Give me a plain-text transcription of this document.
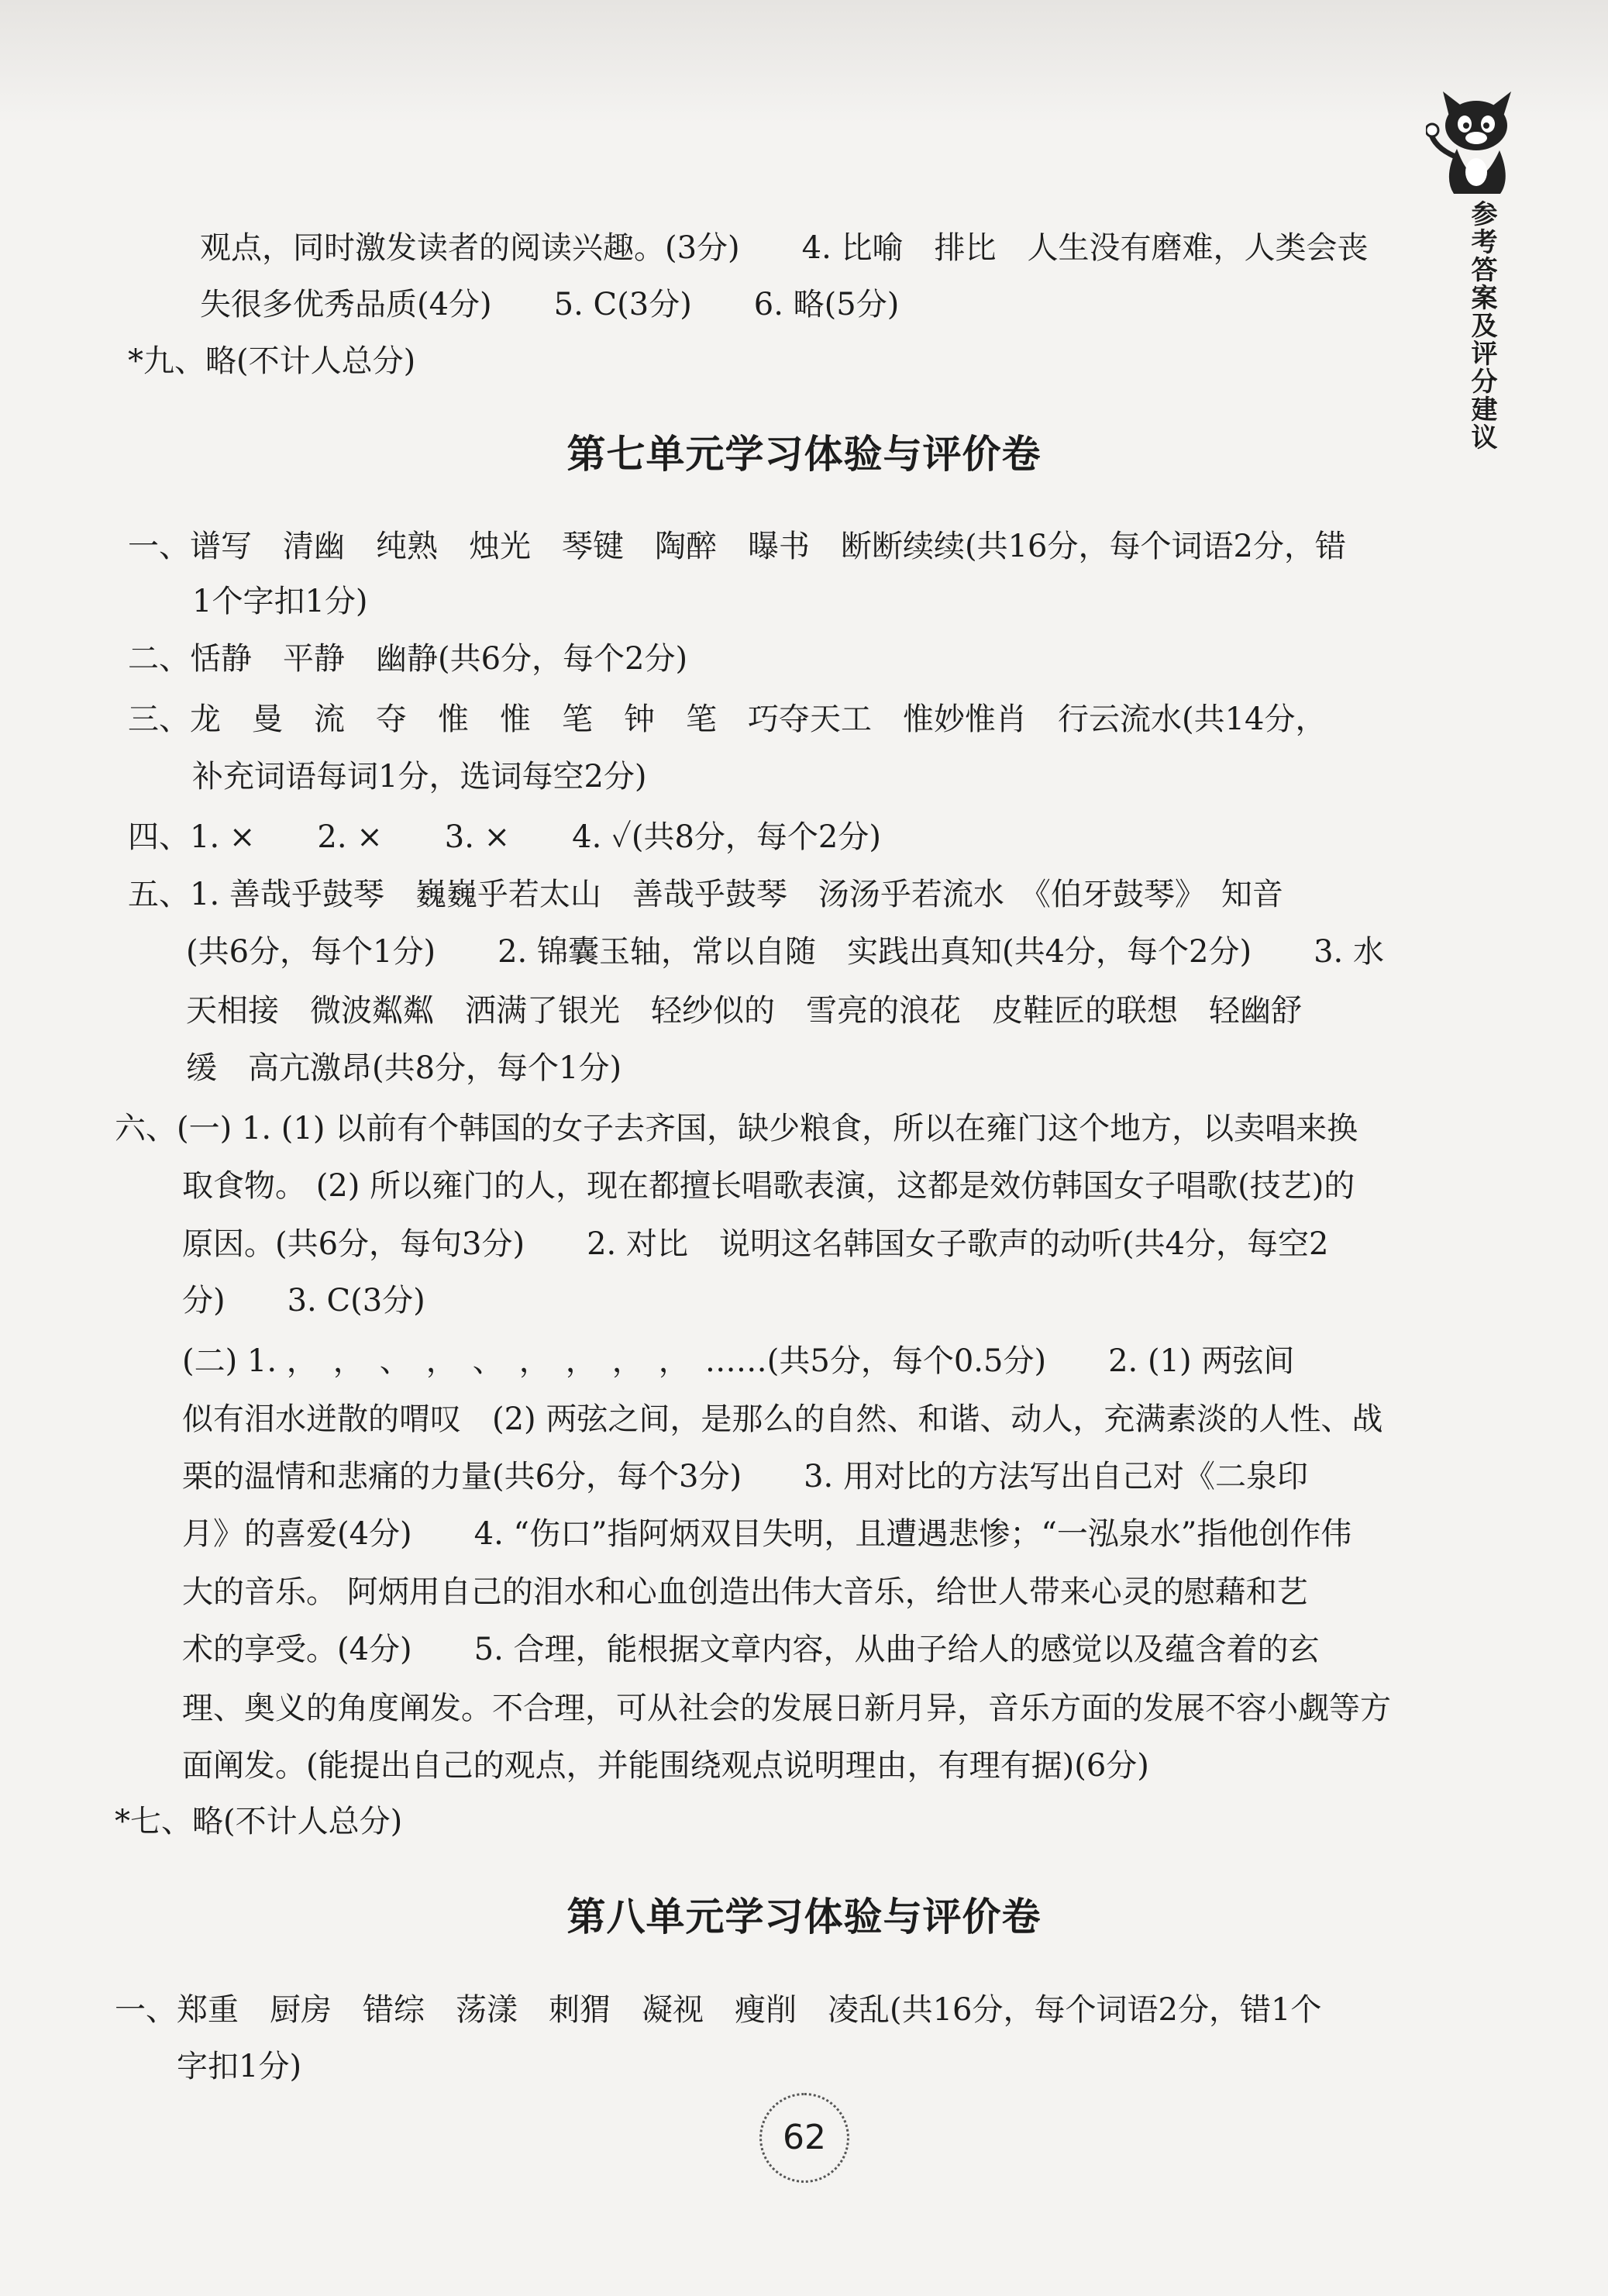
参考答案及评分建议
观点，同时激发读者的阅读兴趣。(3分)　　4. 比喻　排比　人生没有磨难，人类会丧
失很多优秀品质(4分)　　5. C(3分)　　6. 略(5分)
*九、略(不计人总分)
第七单元学习体验与评价卷
一、谱写　清幽　纯熟　烛光　琴键　陶醉　曝书　断断续续(共16分，每个词语2分，错
1个字扣1分)
二、恬静　平静　幽静(共6分，每个2分)
三、龙　曼　流　夺　惟　惟　笔　钟　笔　巧夺天工　惟妙惟肖　行云流水(共14分，
补充词语每词1分，选词每空2分)
四、1. ×　　2. ×　　3. ×　　4. ✓(共8分，每个2分)
五、1. 善哉乎鼓琴　巍巍乎若太山　善哉乎鼓琴　汤汤乎若流水　《伯牙鼓琴》　知音
(共6分，每个1分)　　2. 锦囊玉轴，常以自随　实践出真知(共4分，每个2分)　　3. 水
天相接　微波粼粼　洒满了银光　轻纱似的　雪亮的浪花　皮鞋匠的联想　轻幽舒
缓　高亢激昂(共8分，每个1分)
六、(一) 1. (1) 以前有个韩国的女子去齐国，缺少粮食，所以在雍门这个地方，以卖唱来换
取食物。 (2) 所以雍门的人，现在都擅长唱歌表演，这都是效仿韩国女子唱歌(技艺)的
原因。(共6分，每句3分)　　2. 对比　说明这名韩国女子歌声的动听(共4分，每空2
分)　　3. C(3分)
(二) 1. ，　，　、　，　、　，　，　，　，　……(共5分，每个0.5分)　　2. (1) 两弦间
似有泪水迸散的喟叹　(2) 两弦之间，是那么的自然、和谐、动人，充满素淡的人性、战
栗的温情和悲痛的力量(共6分，每个3分)　　3. 用对比的方法写出自己对《二泉印
月》的喜爱(4分)　　4. “伤口”指阿炳双目失明，且遭遇悲惨；“一泓泉水”指他创作伟
大的音乐。 阿炳用自己的泪水和心血创造出伟大音乐，给世人带来心灵的慰藉和艺
术的享受。(4分)　　5. 合理，能根据文章内容，从曲子给人的感觉以及蕴含着的玄
理、奥义的角度阐发。不合理，可从社会的发展日新月异，音乐方面的发展不容小觑等方
面阐发。(能提出自己的观点，并能围绕观点说明理由，有理有据)(6分)
*七、略(不计人总分)
第八单元学习体验与评价卷
一、郑重　厨房　错综　荡漾　刺猬　凝视　瘦削　凌乱(共16分，每个词语2分，错1个
字扣1分)
62
